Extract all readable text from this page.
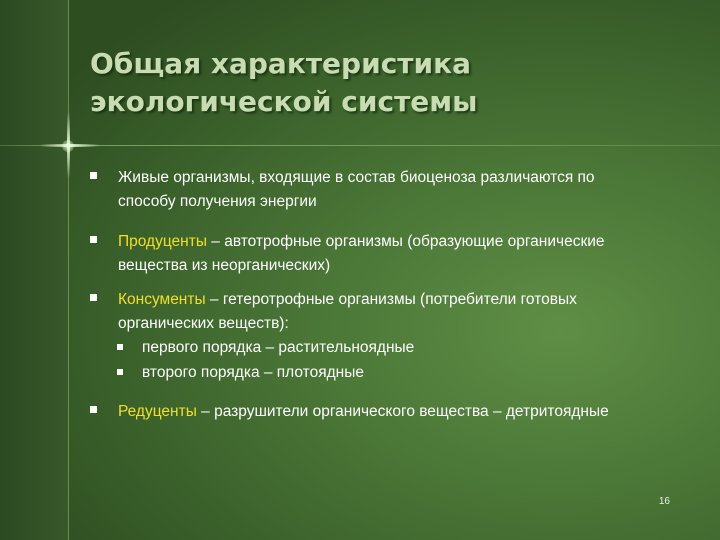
Общая характеристика
экологической системы
Живые организмы, входящие в состав биоценоза различаются по
способу получения энергии
Продуценты – автотрофные организмы (образующие органические
вещества из неорганических)
Консументы – гетеротрофные организмы (потребители готовых
органических веществ):
первого порядка – растительноядные
второго порядка – плотоядные
Редуценты – разрушители органического вещества – детритоядные
16
